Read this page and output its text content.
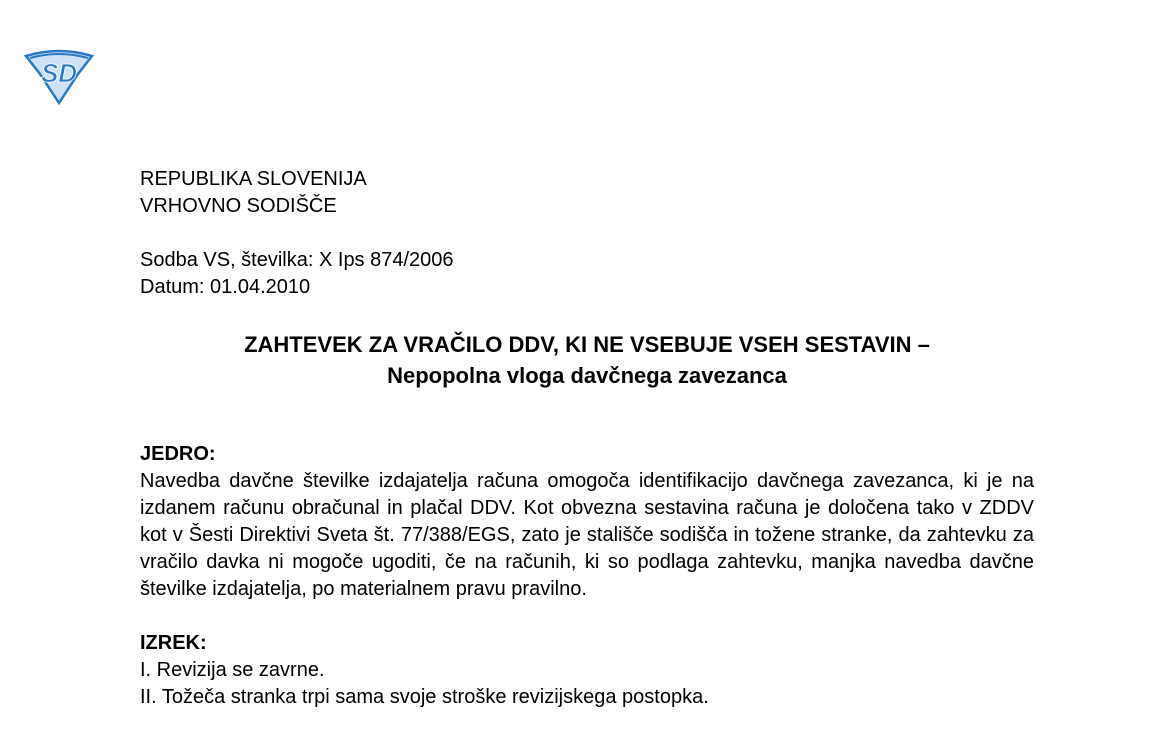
SD
REPUBLIKA SLOVENIJA
VRHOVNO SODIŠČE
Sodba VS, številka: X Ips 874/2006
Datum: 01.04.2010
ZAHTEVEK ZA VRAČILO DDV, KI NE VSEBUJE VSEH SESTAVIN –
Nepopolna vloga davčnega zavezanca
JEDRO:
Navedba davčne številke izdajatelja računa omogoča identifikacijo davčnega zavezanca, ki je na izdanem računu obračunal in plačal DDV. Kot obvezna sestavina računa je določena tako v ZDDV kot v Šesti Direktivi Sveta št. 77/388/EGS, zato je stališče sodišča in tožene stranke, da zahtevku za vračilo davka ni mogoče ugoditi, če na računih, ki so podlaga zahtevku, manjka navedba davčne številke izdajatelja, po materialnem pravu pravilno.
IZREK:
I. Revizija se zavrne.
II. Tožeča stranka trpi sama svoje stroške revizijskega postopka.
